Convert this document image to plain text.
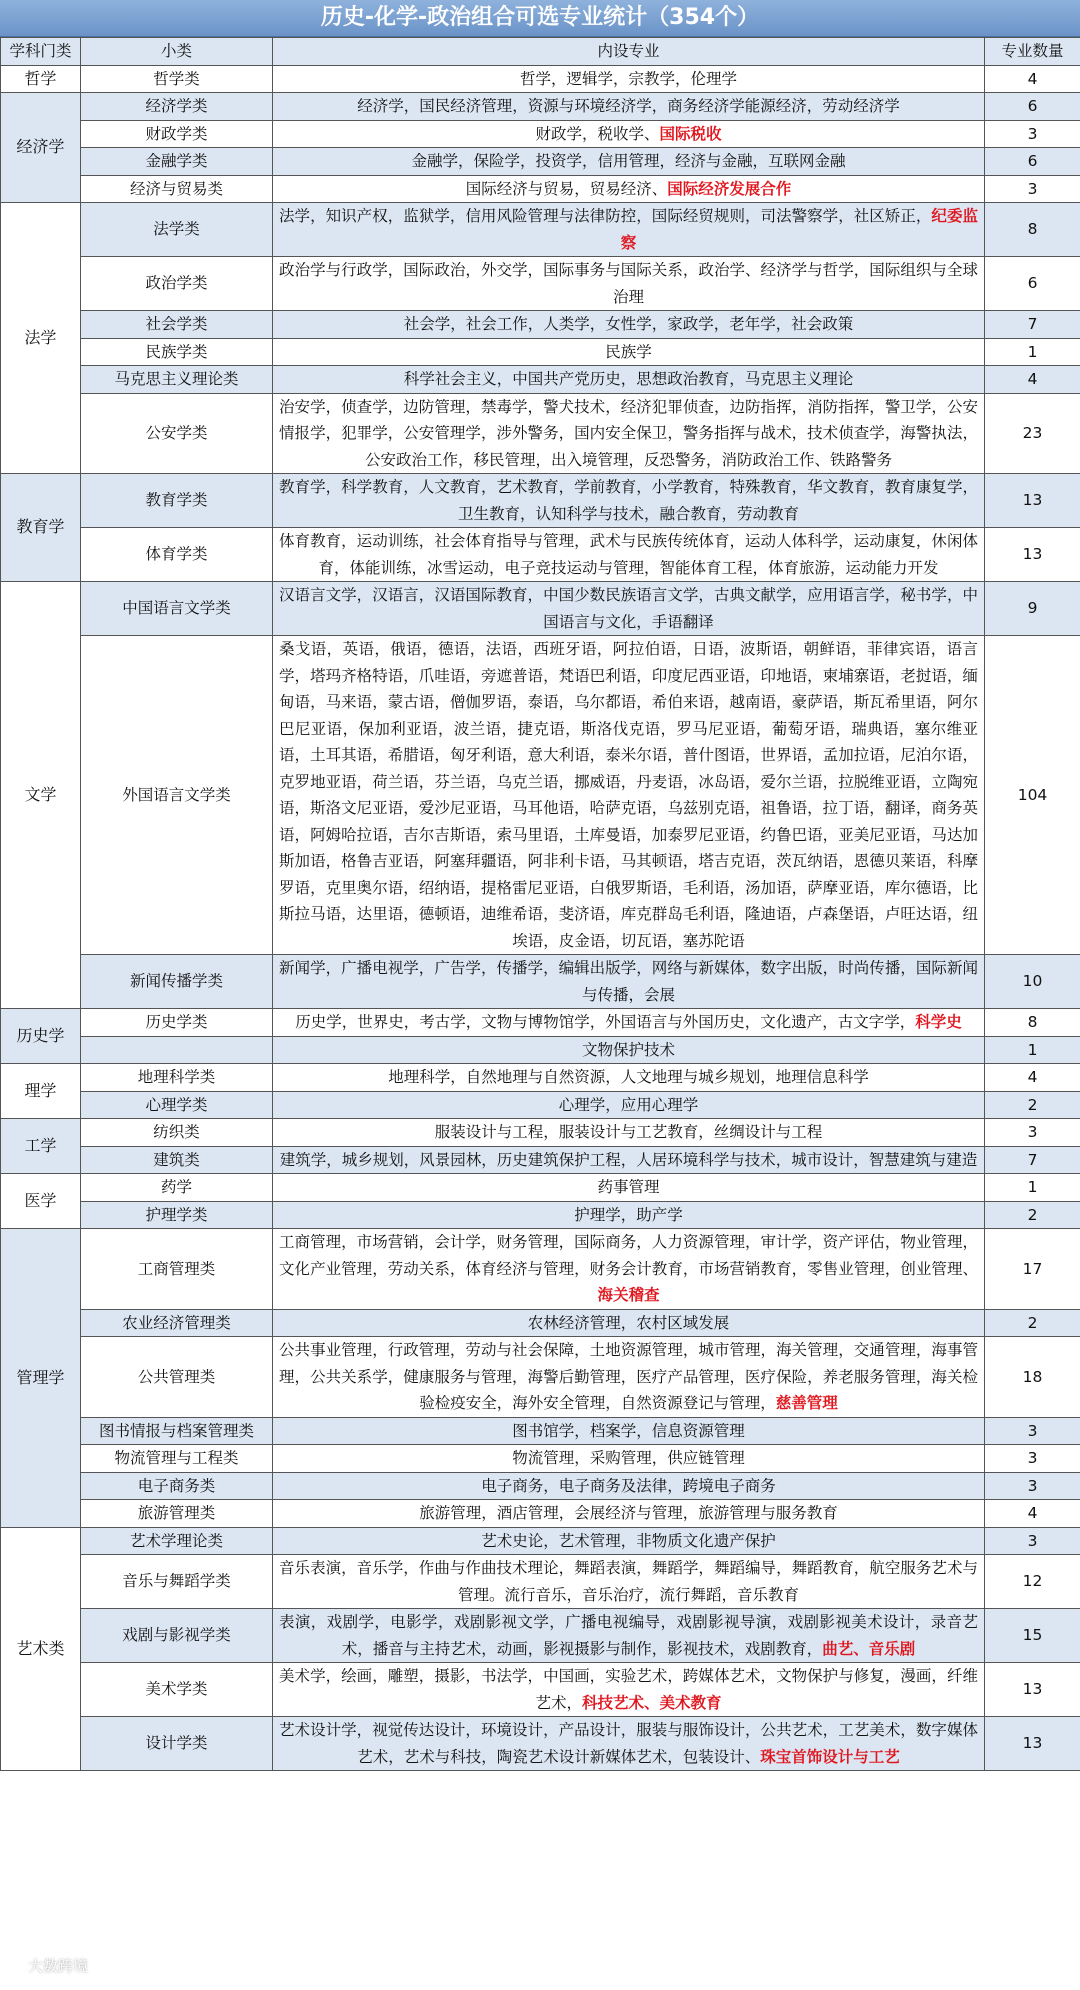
历史-化学-政治组合可选专业统计（354个）
学科门类	小类	内设专业	专业数量
哲学	哲学类	哲学，逻辑学，宗教学，伦理学	4
经济学	经济学类	经济学，国民经济管理，资源与环境经济学，商务经济学能源经济，劳动经济学	6
	财政学类	财政学，税收学、国际税收	3
	金融学类	金融学，保险学，投资学，信用管理，经济与金融，互联网金融	6
	经济与贸易类	国际经济与贸易，贸易经济、国际经济发展合作	3
法学	法学类	法学，知识产权，监狱学，信用风险管理与法律防控，国际经贸规则，司法警察学，社区矫正，纪委监察	8
	政治学类	政治学与行政学，国际政治，外交学，国际事务与国际关系，政治学、经济学与哲学，国际组织与全球治理	6
	社会学类	社会学，社会工作，人类学，女性学，家政学，老年学，社会政策	7
	民族学类	民族学	1
	马克思主义理论类	科学社会主义，中国共产党历史，思想政治教育，马克思主义理论	4
	公安学类	治安学，侦查学，边防管理，禁毒学，警犬技术，经济犯罪侦查，边防指挥，消防指挥，警卫学，公安情报学，犯罪学，公安管理学，涉外警务，国内安全保卫，警务指挥与战术，技术侦查学，海警执法，公安政治工作，移民管理，出入境管理，反恐警务，消防政治工作、铁路警务	23
教育学	教育学类	教育学，科学教育，人文教育，艺术教育，学前教育，小学教育，特殊教育，华文教育，教育康复学，卫生教育，认知科学与技术，融合教育，劳动教育	13
	体育学类	体育教育，运动训练，社会体育指导与管理，武术与民族传统体育，运动人体科学，运动康复，休闲体育，体能训练，冰雪运动，电子竞技运动与管理，智能体育工程，体育旅游，运动能力开发	13
文学	中国语言文学类	汉语言文学，汉语言，汉语国际教育，中国少数民族语言文学，古典文献学，应用语言学，秘书学，中国语言与文化，手语翻译	9
	外国语言文学类	桑戈语，英语，俄语，德语，法语，西班牙语，阿拉伯语，日语，波斯语，朝鲜语，菲律宾语，语言学，塔玛齐格特语，爪哇语，旁遮普语，梵语巴利语，印度尼西亚语，印地语，柬埔寨语，老挝语，缅甸语，马来语，蒙古语，僧伽罗语，泰语，乌尔都语，希伯来语，越南语，豪萨语，斯瓦希里语，阿尔巴尼亚语，保加利亚语，波兰语，捷克语，斯洛伐克语，罗马尼亚语，葡萄牙语，瑞典语，塞尔维亚语，土耳其语，希腊语，匈牙利语，意大利语，泰米尔语，普什图语，世界语，孟加拉语，尼泊尔语，克罗地亚语，荷兰语，芬兰语，乌克兰语，挪威语，丹麦语，冰岛语，爱尔兰语，拉脱维亚语，立陶宛语，斯洛文尼亚语，爱沙尼亚语，马耳他语，哈萨克语，乌兹别克语，祖鲁语，拉丁语，翻译，商务英语，阿姆哈拉语，吉尔吉斯语，索马里语，土库曼语，加泰罗尼亚语，约鲁巴语，亚美尼亚语，马达加斯加语，格鲁吉亚语，阿塞拜疆语，阿非利卡语，马其顿语，塔吉克语，茨瓦纳语，恩德贝莱语，科摩罗语，克里奥尔语，绍纳语，提格雷尼亚语，白俄罗斯语，毛利语，汤加语，萨摩亚语，库尔德语，比斯拉马语，达里语，德顿语，迪维希语，斐济语，库克群岛毛利语，隆迪语，卢森堡语，卢旺达语，纽埃语，皮金语，切瓦语，塞苏陀语	104
	新闻传播学类	新闻学，广播电视学，广告学，传播学，编辑出版学，网络与新媒体，数字出版，时尚传播，国际新闻与传播，会展	10
历史学	历史学类	历史学，世界史，考古学，文物与博物馆学，外国语言与外国历史，文化遗产，古文字学，科学史	8
		文物保护技术	1
理学	地理科学类	地理科学，自然地理与自然资源，人文地理与城乡规划，地理信息科学	4
	心理学类	心理学，应用心理学	2
工学	纺织类	服装设计与工程，服装设计与工艺教育，丝绸设计与工程	3
	建筑类	建筑学，城乡规划，风景园林，历史建筑保护工程，人居环境科学与技术，城市设计，智慧建筑与建造	7
医学	药学	药事管理	1
	护理学类	护理学，助产学	2
管理学	工商管理类	工商管理，市场营销，会计学，财务管理，国际商务，人力资源管理，审计学，资产评估，物业管理，文化产业管理，劳动关系，体育经济与管理，财务会计教育，市场营销教育，零售业管理，创业管理、海关稽查	17
	农业经济管理类	农林经济管理，农村区域发展	2
	公共管理类	公共事业管理，行政管理，劳动与社会保障，土地资源管理，城市管理，海关管理，交通管理，海事管理，公共关系学，健康服务与管理，海警后勤管理，医疗产品管理，医疗保险，养老服务管理，海关检验检疫安全，海外安全管理，自然资源登记与管理，慈善管理	18
	图书情报与档案管理类	图书馆学，档案学，信息资源管理	3
	物流管理与工程类	物流管理，采购管理，供应链管理	3
	电子商务类	电子商务，电子商务及法律，跨境电子商务	3
	旅游管理类	旅游管理，酒店管理，会展经济与管理，旅游管理与服务教育	4
艺术类	艺术学理论类	艺术史论，艺术管理，非物质文化遗产保护	3
	音乐与舞蹈学类	音乐表演，音乐学，作曲与作曲技术理论，舞蹈表演，舞蹈学，舞蹈编导，舞蹈教育，航空服务艺术与管理。流行音乐，音乐治疗，流行舞蹈，音乐教育	12
	戏剧与影视学类	表演，戏剧学，电影学，戏剧影视文学，广播电视编导，戏剧影视导演，戏剧影视美术设计，录音艺术，播音与主持艺术，动画，影视摄影与制作，影视技术，戏剧教育，曲艺、音乐剧	15
	美术学类	美术学，绘画，雕塑，摄影，书法学，中国画，实验艺术，跨媒体艺术，文物保护与修复，漫画，纤维艺术，科技艺术、美术教育	13
	设计学类	艺术设计学，视觉传达设计，环境设计，产品设计，服装与服饰设计，公共艺术，工艺美术，数字媒体艺术，艺术与科技，陶瓷艺术设计新媒体艺术，包装设计、珠宝首饰设计与工艺	13
大数跨境
